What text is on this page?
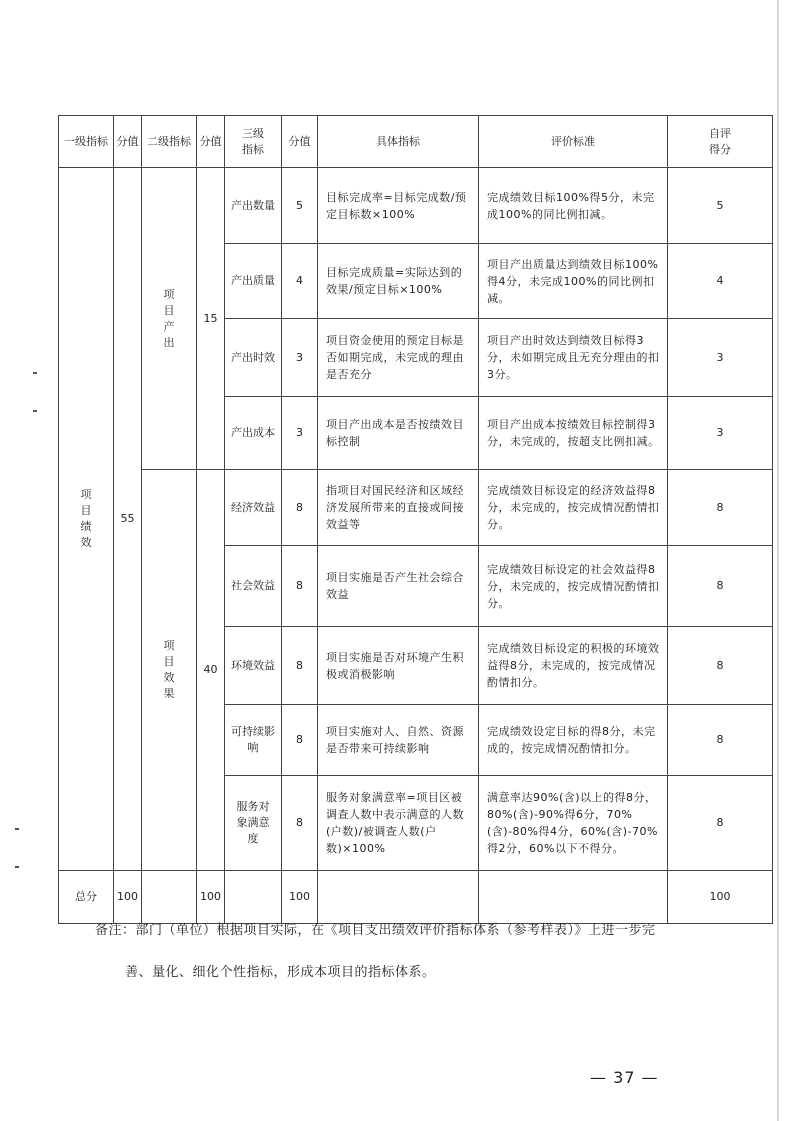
一级指标	分值	二级指标	分值	三级指标	分值	具体指标	评价标准	自评得分
项目绩效	55	项目产出	15	产出数量	5	目标完成率=目标完成数/预定目标数×100%	完成绩效目标100%得5分，未完成100%的同比例扣减。	5
				产出质量	4	目标完成质量=实际达到的效果/预定目标×100%	项目产出质量达到绩效目标100%得4分，未完成100%的同比例扣减。	4
				产出时效	3	项目资金使用的预定目标是否如期完成，未完成的理由是否充分	项目产出时效达到绩效目标得3分，未如期完成且无充分理由的扣3分。	3
				产出成本	3	项目产出成本是否按绩效目标控制	项目产出成本按绩效目标控制得3分，未完成的，按超支比例扣减。	3
		项目效果	40	经济效益	8	指项目对国民经济和区域经济发展所带来的直接或间接效益等	完成绩效目标设定的经济效益得8分，未完成的，按完成情况酌情扣分。	8
				社会效益	8	项目实施是否产生社会综合效益	完成绩效目标设定的社会效益得8分，未完成的，按完成情况酌情扣分。	8
				环境效益	8	项目实施是否对环境产生积极或消极影响	完成绩效目标设定的积极的环境效益得8分，未完成的，按完成情况酌情扣分。	8
				可持续影响	8	项目实施对人、自然、资源是否带来可持续影响	完成绩效设定目标的得8分，未完成的，按完成情况酌情扣分。	8
				服务对象满意度	8	服务对象满意率=项目区被调查人数中表示满意的人数(户数)/被调查人数(户数)×100%	满意率达90%(含)以上的得8分，80%(含)-90%得6分，70%(含)-80%得4分，60%(含)-70%得2分，60%以下不得分。	8
总分	100		100		100			100
备注：部门（单位）根据项目实际，在《项目支出绩效评价指标体系（参考样表）》上进一步完
善、量化、细化个性指标，形成本项目的指标体系。
— 37 —
